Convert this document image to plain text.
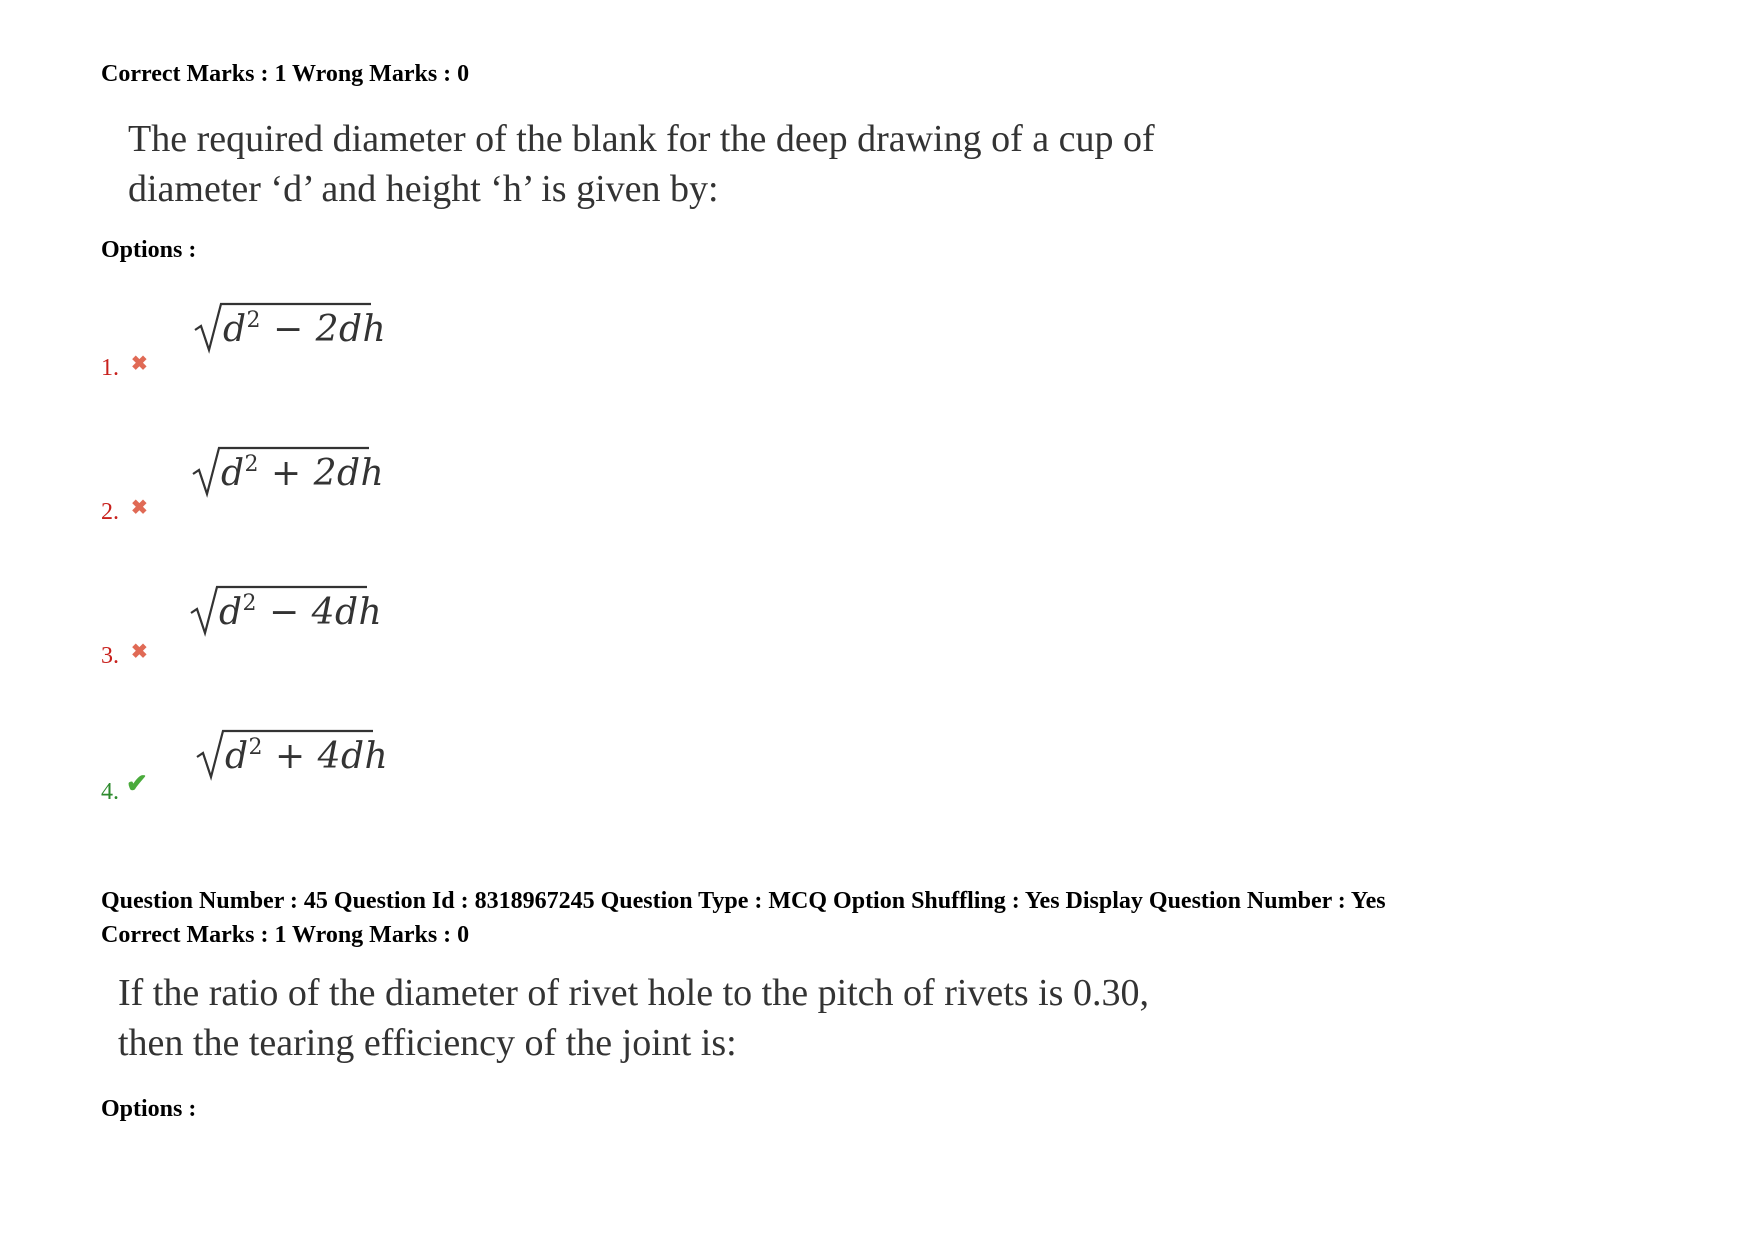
Correct Marks : 1 Wrong Marks : 0
The required diameter of the blank for the deep drawing of a cup of
diameter ‘d’ and height ‘h’ is given by:
Options :
$d^2 - 2dh$
1. ✖
$d^2 + 2dh$
2. ✖
$d^2 - 4dh$
3. ✖
$d^2 + 4dh$
4. ✔
Question Number : 45 Question Id : 8318967245 Question Type : MCQ Option Shuffling : Yes Display Question Number : Yes
Correct Marks : 1 Wrong Marks : 0
If the ratio of the diameter of rivet hole to the pitch of rivets is 0.30,
then the tearing efficiency of the joint is:
Options :
